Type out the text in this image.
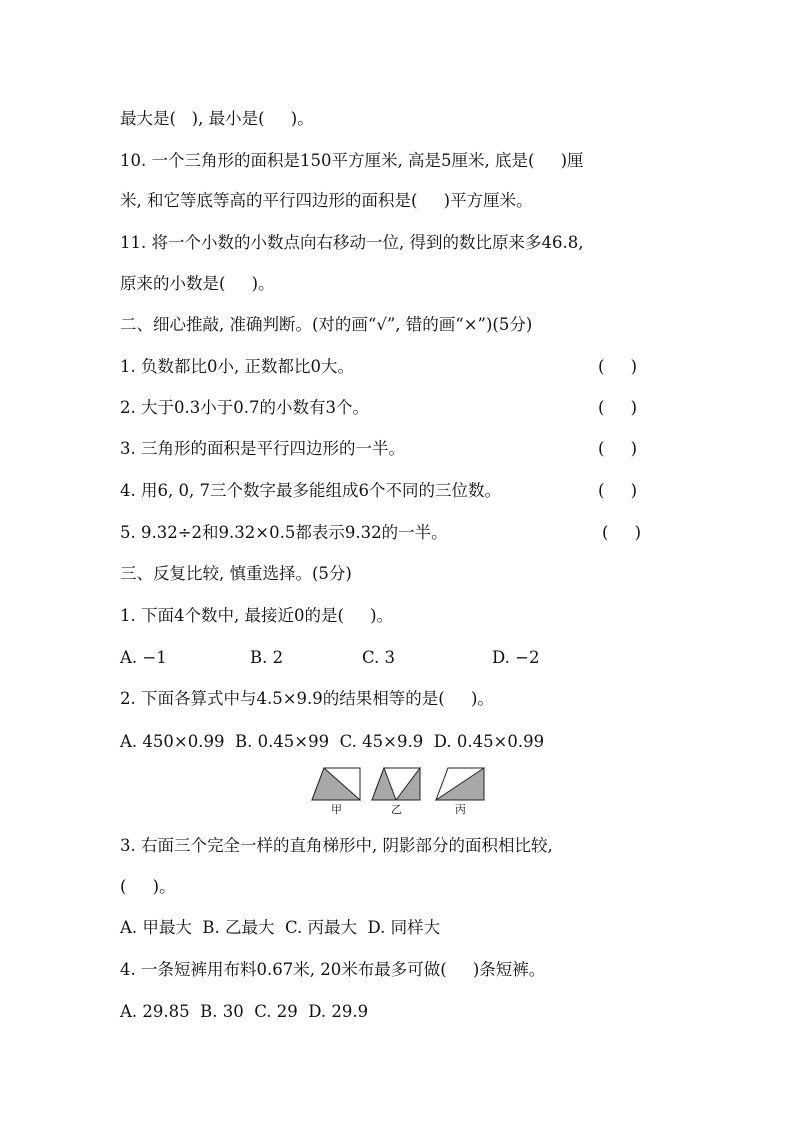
最大是(   ), 最小是(     )。
10. 一个三角形的面积是150平方厘米, 高是5厘米, 底是(     )厘
米, 和它等底等高的平行四边形的面积是(     )平方厘米。
11. 将一个小数的小数点向右移动一位, 得到的数比原来多46.8,
原来的小数是(     )。
二、细心推敲, 准确判断。(对的画“√”, 错的画“×”)(5分)
1. 负数都比0小, 正数都比0大。	(     )
2. 大于0.3小于0.7的小数有3个。	(     )
3. 三角形的面积是平行四边形的一半。	(     )
4. 用6, 0, 7三个数字最多能组成6个不同的三位数。	(     )
5. 9.32÷2和9.32×0.5都表示9.32的一半。	(     )
三、反复比较, 慎重选择。(5分)
1. 下面4个数中, 最接近0的是(     )。
A. −1	B. 2	C. 3	D. −2
2. 下面各算式中与4.5×9.9的结果相等的是(     )。
A. 450×0.99  B. 0.45×99  C. 45×9.9  D. 0.45×0.99
甲	乙	丙
3. 右面三个完全一样的直角梯形中, 阴影部分的面积相比较,
(     )。
A. 甲最大  B. 乙最大  C. 丙最大  D. 同样大
4. 一条短裤用布料0.67米, 20米布最多可做(     )条短裤。
A. 29.85  B. 30  C. 29  D. 29.9
